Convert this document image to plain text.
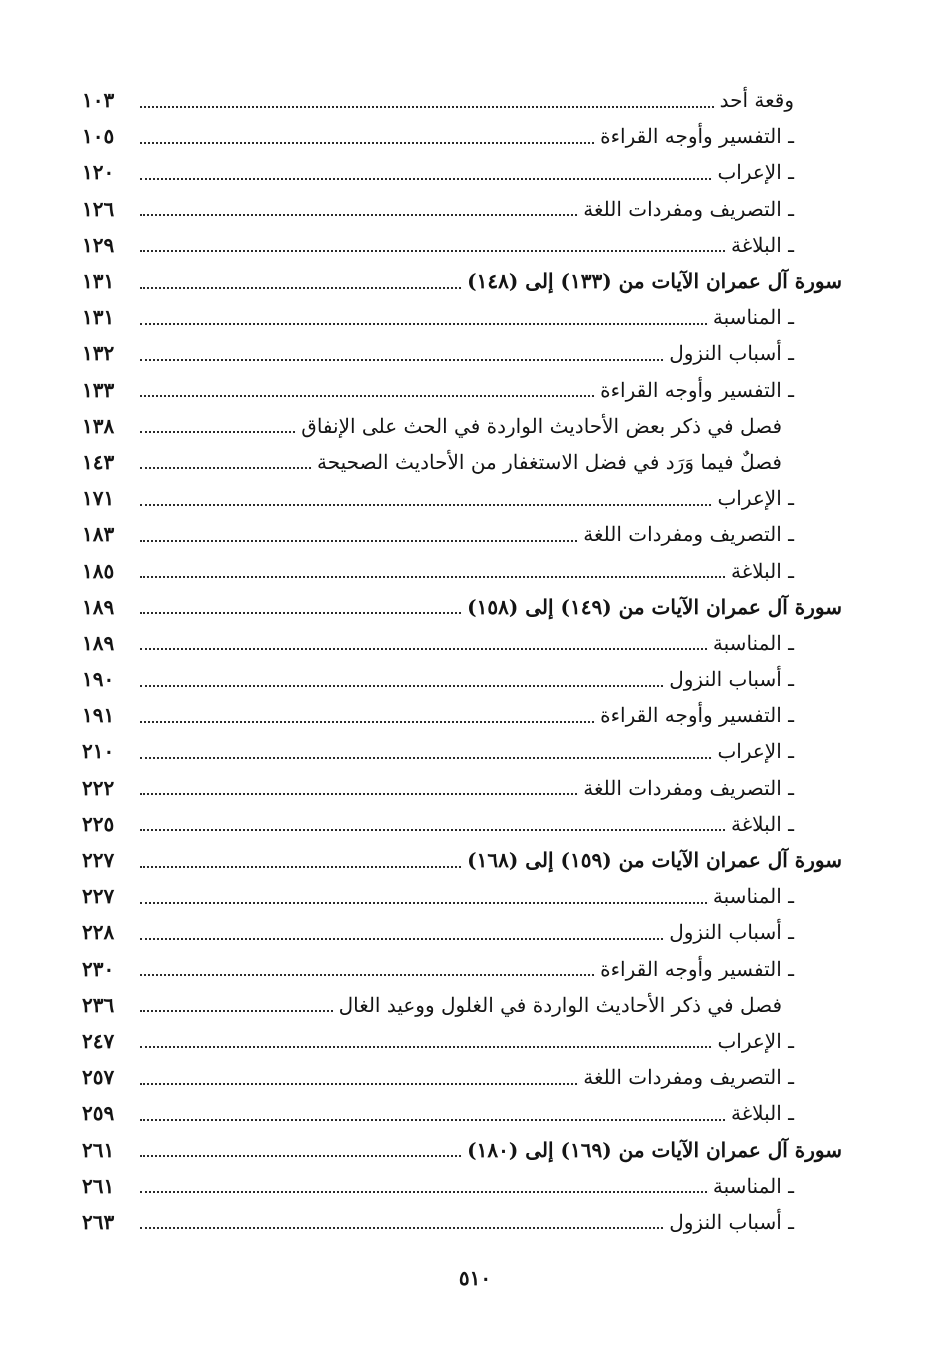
وقعة أحد
١٠٣
ـ التفسير وأوجه القراءة
١٠٥
ـ الإعراب
١٢٠
ـ التصريف ومفردات اللغة
١٢٦
ـ البلاغة
١٢٩
سورة آل عمران الآيات من (١٣٣) إلى (١٤٨)
١٣١
ـ المناسبة
١٣١
ـ أسباب النزول
١٣٢
ـ التفسير وأوجه القراءة
١٣٣
فصل في ذكر بعض الأحاديث الواردة في الحث على الإنفاق
١٣٨
فصلٌ فيما وَرَد في فضل الاستغفار من الأحاديث الصحيحة
١٤٣
ـ الإعراب
١٧١
ـ التصريف ومفردات اللغة
١٨٣
ـ البلاغة
١٨٥
سورة آل عمران الآيات من (١٤٩) إلى (١٥٨)
١٨٩
ـ المناسبة
١٨٩
ـ أسباب النزول
١٩٠
ـ التفسير وأوجه القراءة
١٩١
ـ الإعراب
٢١٠
ـ التصريف ومفردات اللغة
٢٢٢
ـ البلاغة
٢٢٥
سورة آل عمران الآيات من (١٥٩) إلى (١٦٨)
٢٢٧
ـ المناسبة
٢٢٧
ـ أسباب النزول
٢٢٨
ـ التفسير وأوجه القراءة
٢٣٠
فصل في ذكر الأحاديث الواردة في الغلول ووعيد الغال
٢٣٦
ـ الإعراب
٢٤٧
ـ التصريف ومفردات اللغة
٢٥٧
ـ البلاغة
٢٥٩
سورة آل عمران الآيات من (١٦٩) إلى (١٨٠)
٢٦١
ـ المناسبة
٢٦١
ـ أسباب النزول
٢٦٣
٥١٠
